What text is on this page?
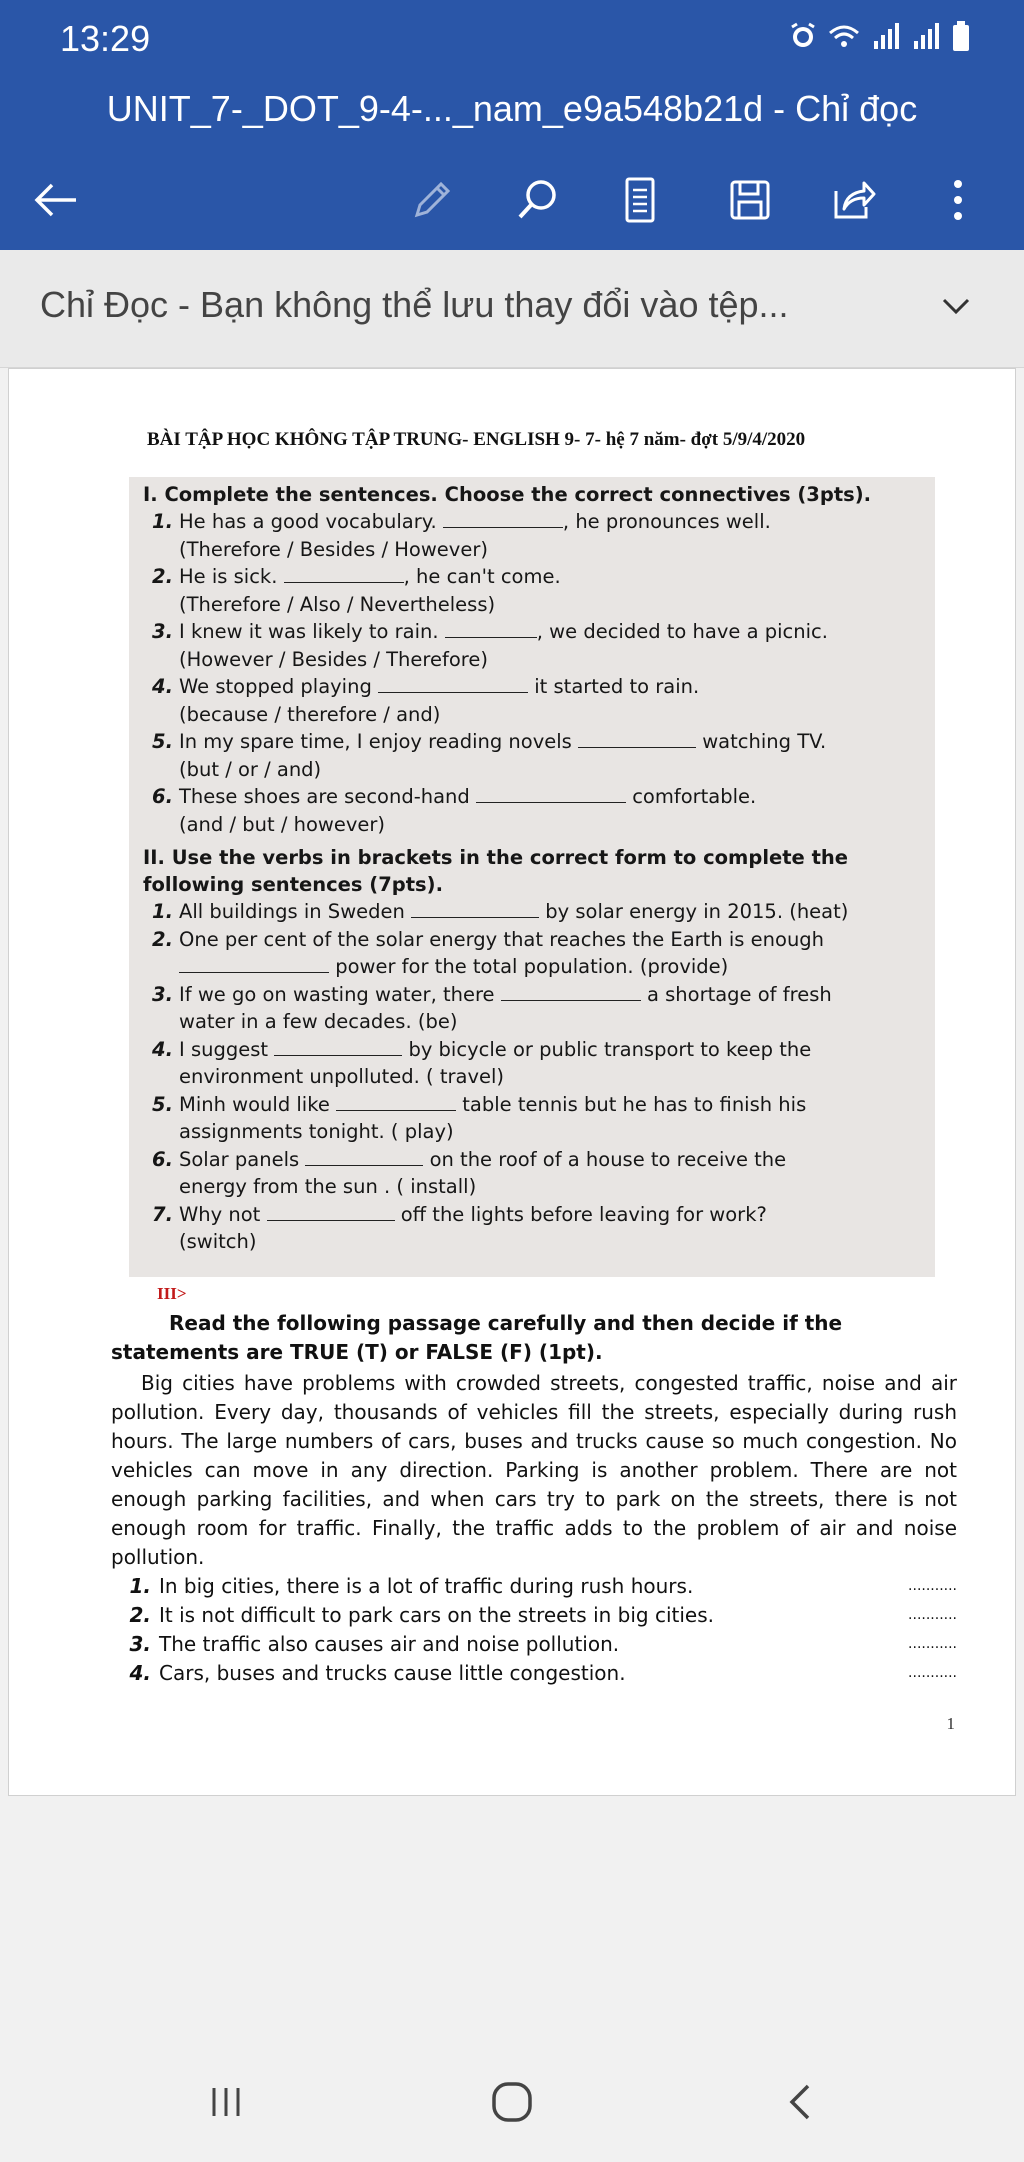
13:29
UNIT_7-_DOT_9-4-..._nam_e9a548b21d - Chỉ đọc
Chỉ Đọc - Bạn không thể lưu thay đổi vào tệp...
BÀI TẬP HỌC KHÔNG TẬP TRUNG- ENGLISH 9- 7- hệ 7 năm- đợt 5/9/4/2020
I. Complete the sentences. Choose the correct connectives (3pts).
1. He has a good vocabulary.	, he pronounces well.
(Therefore / Besides / However)
2. He is sick.	, he can't come.
(Therefore / Also / Nevertheless)
3. I knew it was likely to rain.	, we decided to have a picnic.
(However / Besides / Therefore)
4. We stopped playing	it started to rain.
(because / therefore / and)
5. In my spare time, I enjoy reading novels	watching TV.
(but / or / and)
6. These shoes are second-hand	comfortable.
(and / but / however)
II. Use the verbs in brackets in the correct form to complete the following sentences (7pts).
1. All buildings in Sweden	by solar energy in 2015. (heat)
2. One per cent of the solar energy that reaches the Earth is enough
power for the total population. (provide)
3. If we go on wasting water, there	a shortage of fresh
water in a few decades. (be)
4. I suggest	by bicycle or public transport to keep the
environment unpolluted. ( travel)
5. Minh would like	table tennis but he has to finish his
assignments tonight. ( play)
6. Solar panels	on the roof of a house to receive the
energy from the sun . ( install)
7. Why not	off the lights before leaving for work?
(switch)
III>
Read the following passage carefully and then decide if the statements are TRUE (T) or FALSE (F) (1pt).
Big cities have problems with crowded streets, congested traffic, noise and air pollution. Every day, thousands of vehicles fill the streets, especially during rush hours. The large numbers of cars, buses and trucks cause so much congestion. No vehicles can move in any direction. Parking is another problem. There are not enough parking facilities, and when cars try to park on the streets, there is not enough room for traffic. Finally, the traffic adds to the problem of air and noise pollution.
1. In big cities, there is a lot of traffic during rush hours.	...........
2. It is not difficult to park cars on the streets in big cities.	...........
3. The traffic also causes air and noise pollution.	...........
4. Cars, buses and trucks cause little congestion.	...........
1
